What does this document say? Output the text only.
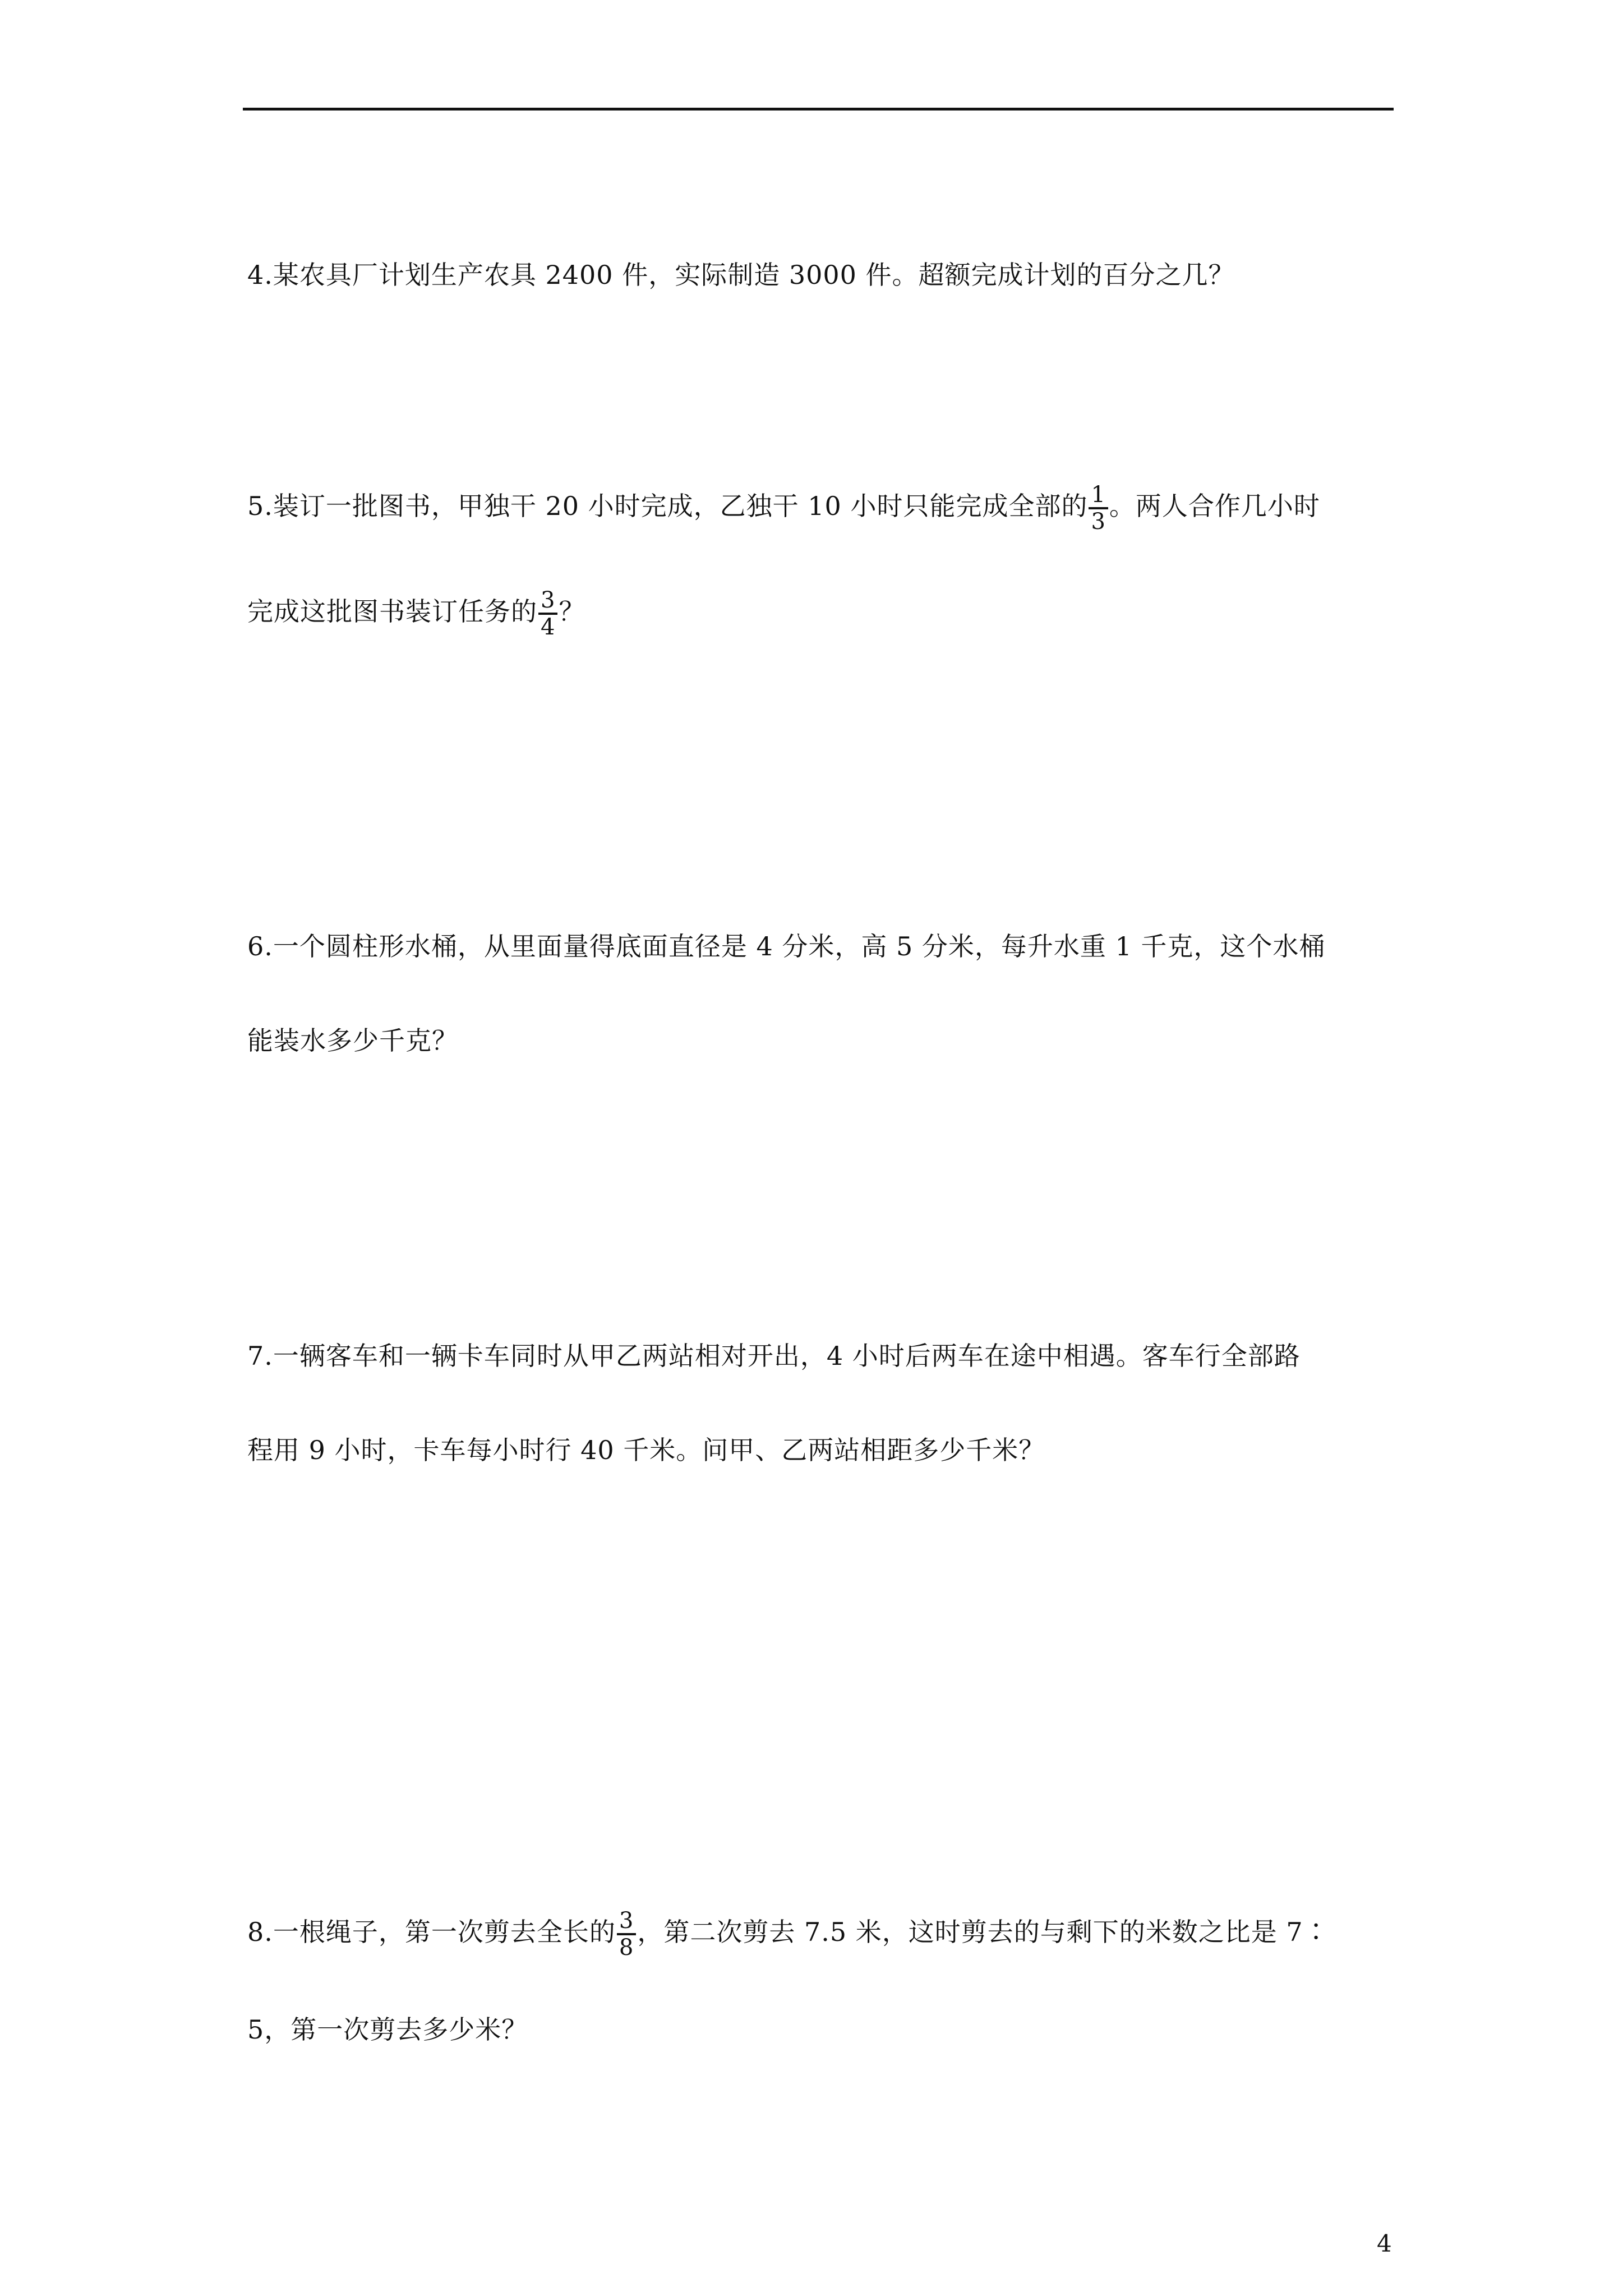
4.某农具厂计划生产农具 2400 件，实际制造 3000 件。超额完成计划的百分之几？
5.装订一批图书，甲独干 20 小时完成，乙独干 10 小时只能完成全部的 $\frac{1}{3}$ 。两人合作几小时
完成这批图书装订任务的 $\frac{3}{4}$ ？
6.一个圆柱形水桶，从里面量得底面直径是 4 分米，高 5 分米，每升水重 1 千克，这个水桶
能装水多少千克？
7.一辆客车和一辆卡车同时从甲乙两站相对开出，4 小时后两车在途中相遇。客车行全部路
程用 9 小时，卡车每小时行 40 千米。问甲、乙两站相距多少千米？
8.一根绳子，第一次剪去全长的 $\frac{3}{8}$ ，第二次剪去 7.5 米，这时剪去的与剩下的米数之比是 7∶
5，第一次剪去多少米？
4
